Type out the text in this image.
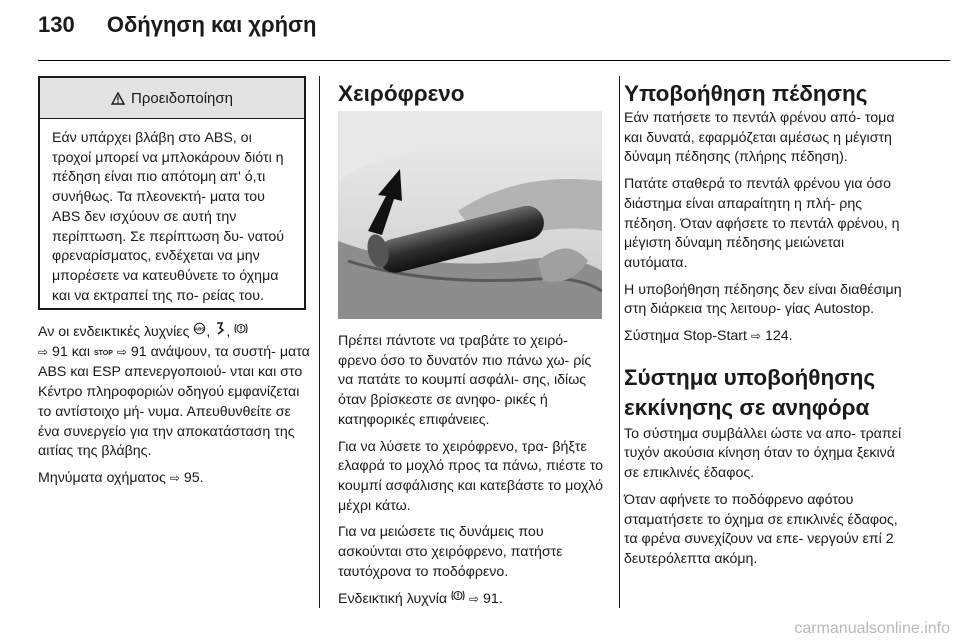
130 Οδήγηση και χρήση
Προειδοποίηση
Εάν υπάρχει βλάβη στο ABS, οι τροχοί μπορεί να μπλοκάρουν διότι η πέδηση είναι πιο απότομη απ' ό,τι συνήθως. Τα πλεονεκτή- ματα του ABS δεν ισχύουν σε αυτή την περίπτωση. Σε περίπτωση δυ- νατού φρεναρίσματος, ενδέχεται να μην μπορέσετε να κατευθύνετε το όχημα και να εκτραπεί της πο- ρείας του.

Αν οι ενδεικτικές λυχνίες ABS , ,
⇨ 91 και STOP ⇨ 91 ανάψουν, τα συστή- ματα ABS και ESP απενεργοποιού- νται και στο Κέντρο πληροφοριών οδηγού εμφανίζεται το αντίστοιχο μή- νυμα. Απευθυνθείτε σε ένα συνεργείο για την αποκατάσταση της αιτίας της βλάβης.

Μηνύματα οχήματος ⇨ 95.

Χειρόφρενο

Πρέπει πάντοτε να τραβάτε το χειρό- φρενο όσο το δυνατόν πιο πάνω χω- ρίς να πατάτε το κουμπί ασφάλι- σης, ιδίως όταν βρίσκεστε σε ανηφο- ρικές ή κατηφορικές επιφάνειες.

Για να λύσετε το χειρόφρενο, τρα- βήξτε ελαφρά το μοχλό προς τα πάνω, πιέστε το κουμπί ασφάλισης και κατεβάστε το μοχλό μέχρι κάτω.

Για να μειώσετε τις δυνάμεις που ασκούνται στο χειρόφρενο, πατήστε ταυτόχρονα το ποδόφρενο.

Ενδεικτική λυχνία ⇨ 91.

Υποβοήθηση πέδησης

Εάν πατήσετε το πεντάλ φρένου από- τομα και δυνατά, εφαρμόζεται αμέσως η μέγιστη δύναμη πέδησης (πλήρης πέδηση).

Πατάτε σταθερά το πεντάλ φρένου για όσο διάστημα είναι απαραίτητη η πλή- ρης πέδηση. Όταν αφήσετε το πεντάλ φρένου, η μέγιστη δύναμη πέδησης μειώνεται αυτόματα.

Η υποβοήθηση πέδησης δεν είναι διαθέσιμη στη διάρκεια της λειτουρ- γίας Autostop.

Σύστημα Stop-Start ⇨ 124.

Σύστημα υποβοήθησης εκκίνησης σε ανηφόρα

Το σύστημα συμβάλλει ώστε να απο- τραπεί τυχόν ακούσια κίνηση όταν το όχημα ξεκινά σε επικλινές έδαφος.

Όταν αφήνετε το ποδόφρενο αφότου σταματήσετε το όχημα σε επικλινές έδαφος, τα φρένα συνεχίζουν να επε- νεργούν επί 2 δευτερόλεπτα ακόμη.

carmanualsonline.info
